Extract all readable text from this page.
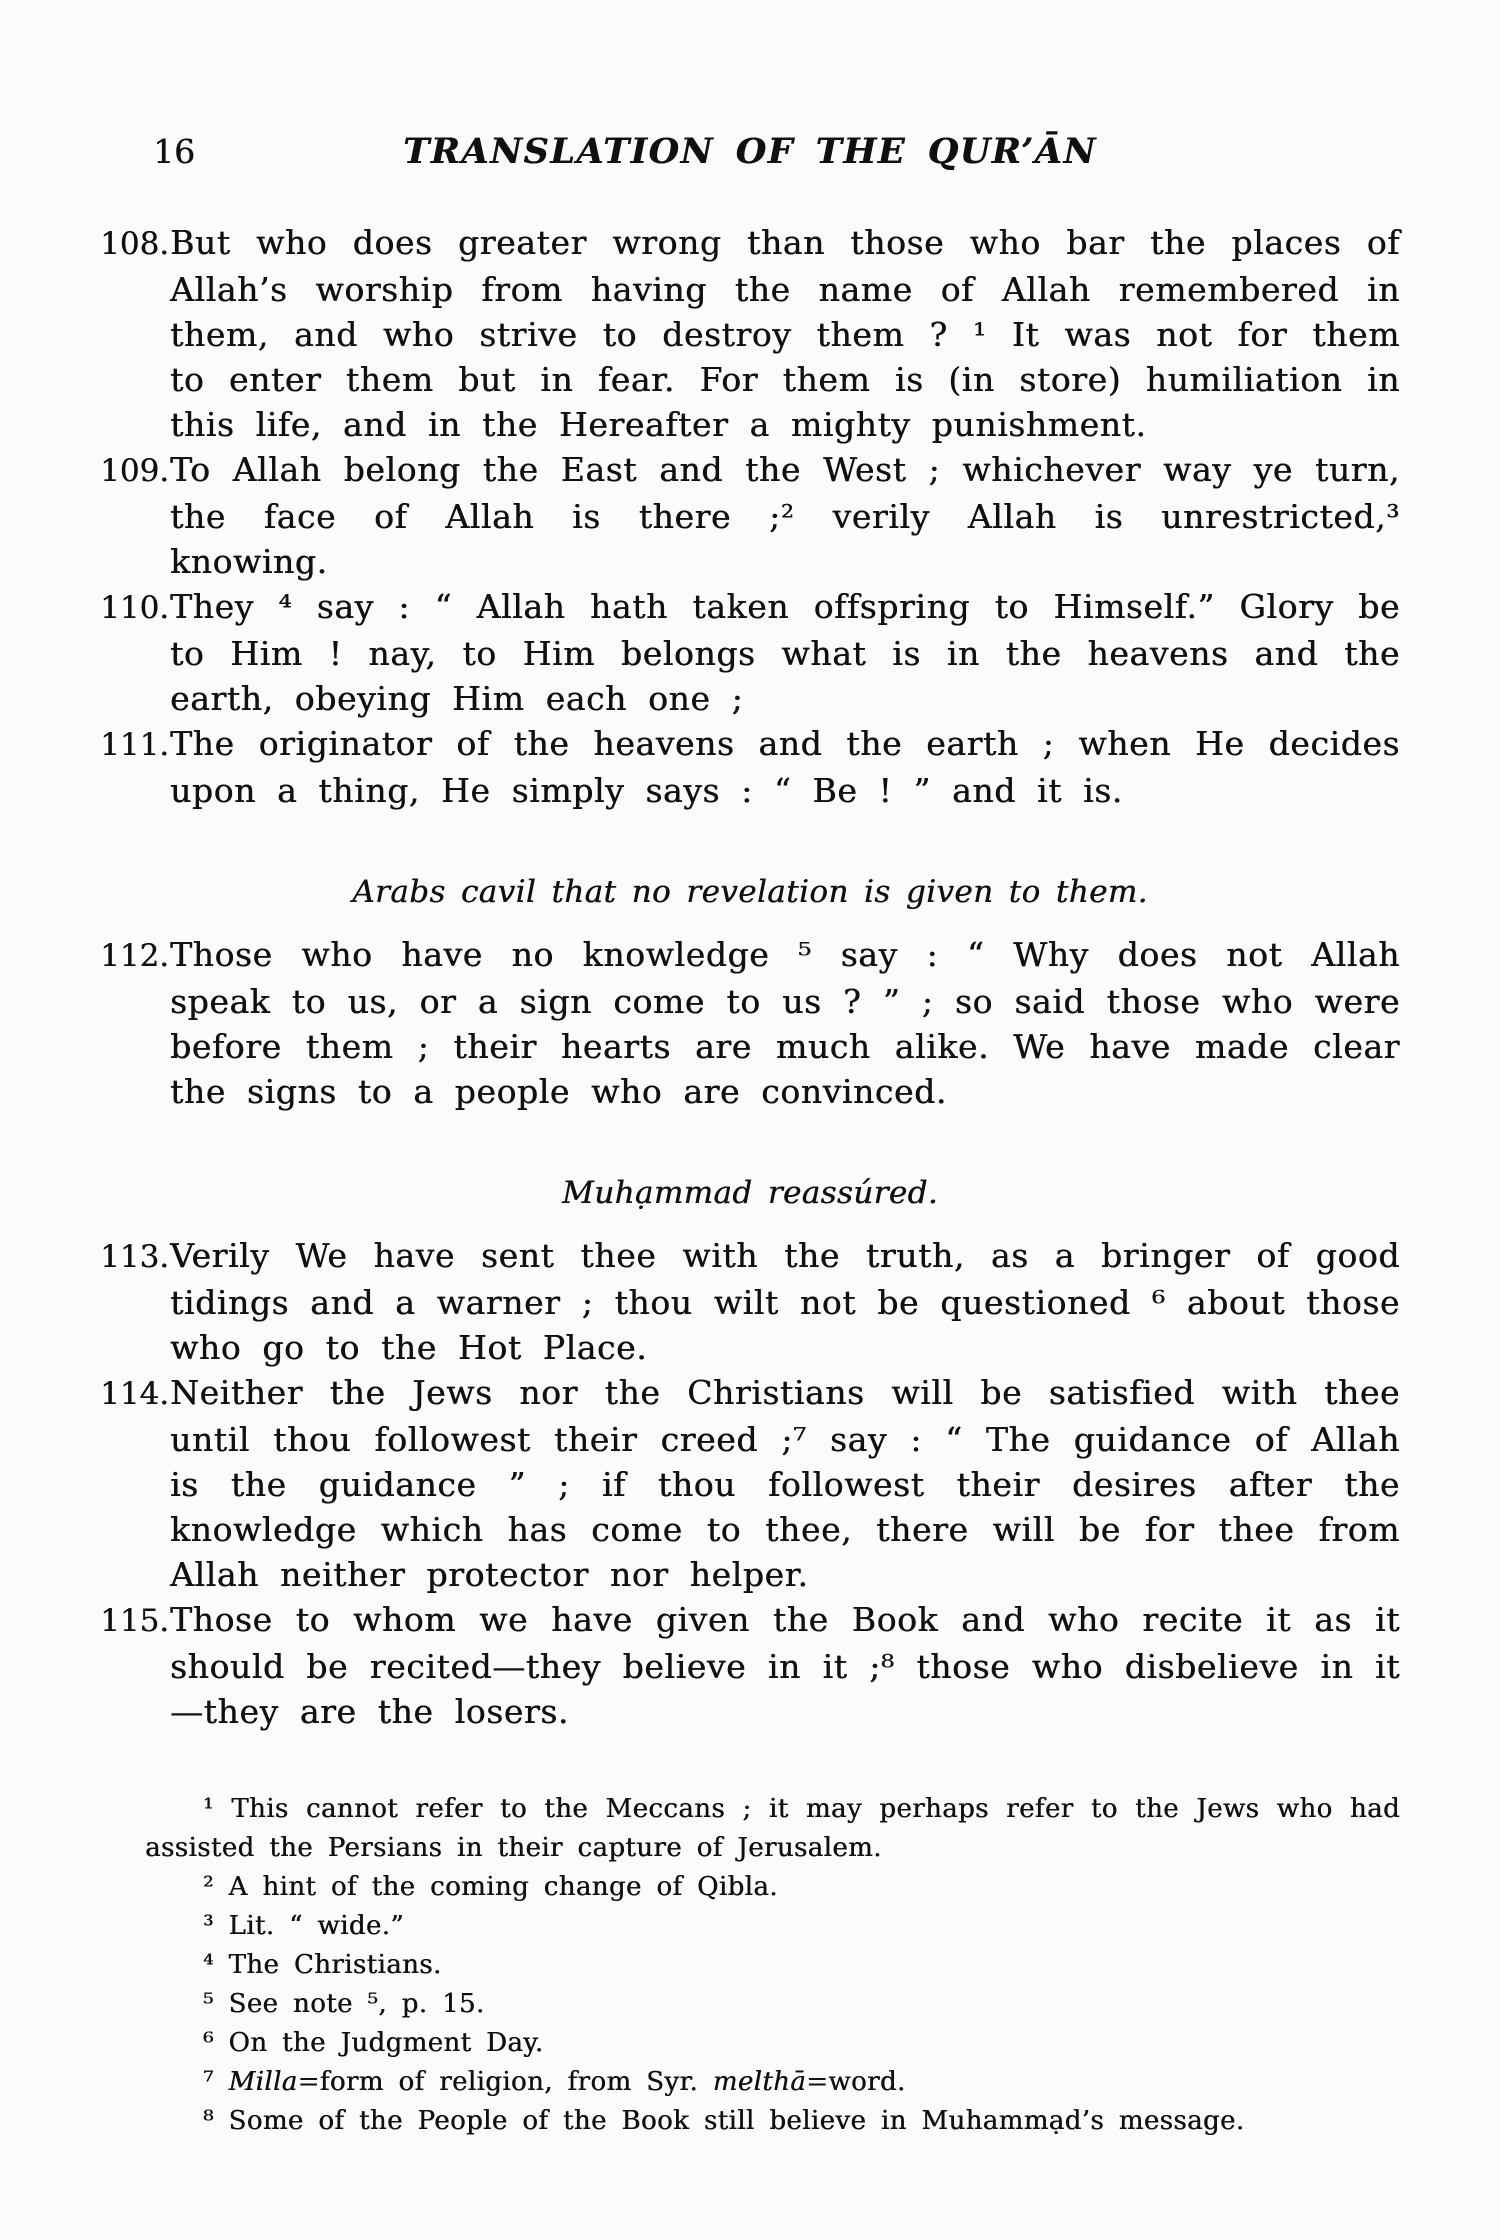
16	TRANSLATION OF THE QUR’ĀN

108.But who does greater wrong than those who bar the places of Allah’s worship from having the name of Allah remembered in them, and who strive to destroy them ? ¹ It was not for them to enter them but in fear. For them is (in store) humiliation in this life, and in the Hereafter a mighty punishment.

109.To Allah belong the East and the West ; whichever way ye turn, the face of Allah is there ;² verily Allah is unrestricted,³ knowing.

110.They ⁴ say : “ Allah hath taken offspring to Himself.” Glory be to Him ! nay, to Him belongs what is in the heavens and the earth, obeying Him each one ;

111.The originator of the heavens and the earth ; when He decides upon a thing, He simply says : “ Be ! ” and it is.

Arabs cavil that no revelation is given to them.

112.Those who have no knowledge ⁵ say : “ Why does not Allah speak to us, or a sign come to us ? ” ; so said those who were before them ; their hearts are much alike. We have made clear the signs to a people who are convinced.

Muhạmmad reassúred.

113.Verily We have sent thee with the truth, as a bringer of good tidings and a warner ; thou wilt not be questioned ⁶ about those who go to the Hot Place.

114.Neither the Jews nor the Christians will be satisfied with thee until thou followest their creed ;⁷ say : “ The guidance of Allah is the guidance ” ; if thou followest their desires after the knowledge which has come to thee, there will be for thee from Allah neither protector nor helper.

115.Those to whom we have given the Book and who recite it as it should be recited—they believe in it ;⁸ those who disbelieve in it—they are the losers.

¹ This cannot refer to the Meccans ; it may perhaps refer to the Jews who had assisted the Persians in their capture of Jerusalem.

² A hint of the coming change of Qibla.

³ Lit. “ wide.”

⁴ The Christians.

⁵ See note ⁵, p. 15.

⁶ On the Judgment Day.

⁷ Milla=form of religion, from Syr. melthā=word.

⁸ Some of the People of the Book still believe in Muhammạd’s message.
